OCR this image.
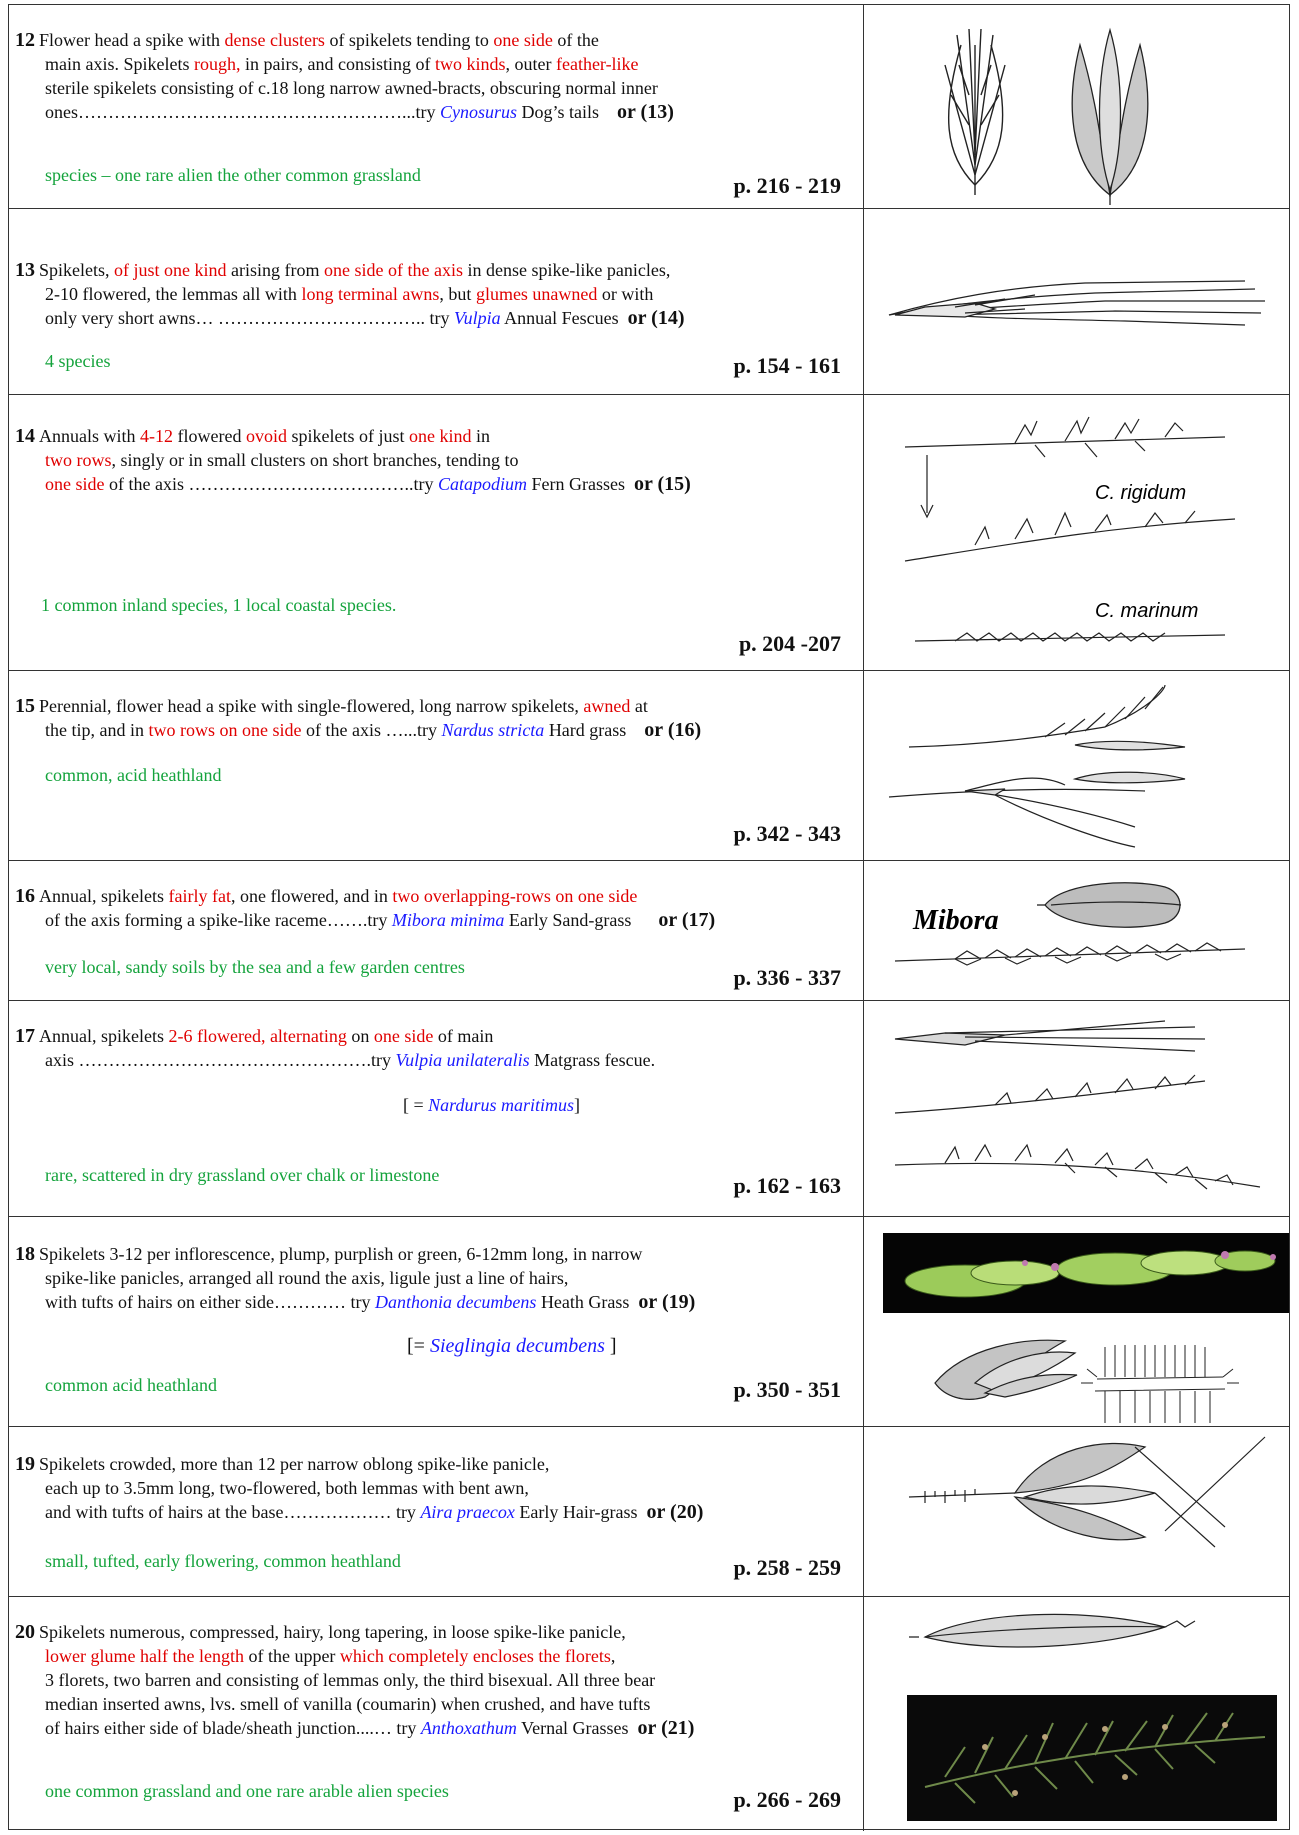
12 Flower head a spike with dense clusters of spikelets tending to one side of the
main axis. Spikelets rough, in pairs, and consisting of two kinds, outer feather-like
sterile spikelets consisting of c.18 long narrow awned-bracts, obscuring normal inner
ones………………………………………………...try Cynosurus Dog’s tails or (13)
species – one rare alien the other common grassland	p. 216 - 219
13 Spikelets, of just one kind arising from one side of the axis in dense spike-like panicles,
2-10 flowered, the lemmas all with long terminal awns, but glumes unawned or with
only very short awns… …………………………….. try Vulpia Annual Fescues or (14)
4 species	p. 154 - 161
14 Annuals with 4-12 flowered ovoid spikelets of just one kind in
two rows, singly or in small clusters on short branches, tending to
one side of the axis ………………………………..try Catapodium Fern Grasses or (15)
1 common inland species, 1 local coastal species.
p. 204 -207
C. rigidum
C. marinum
15 Perennial, flower head a spike with single-flowered, long narrow spikelets, awned at
the tip, and in two rows on one side of the axis …...try Nardus stricta Hard grass or (16)
common, acid heathland
p. 342 - 343
16 Annual, spikelets fairly fat, one flowered, and in two overlapping-rows on one side
of the axis forming a spike-like raceme…….try Mibora minima Early Sand-grass or (17)
very local, sandy soils by the sea and a few garden centres	p. 336 - 337
Mibora
17 Annual, spikelets 2-6 flowered, alternating on one side of main
axis ………………………………………….try Vulpia unilateralis Matgrass fescue.
[ = Nardurus maritimus]
rare, scattered in dry grassland over chalk or limestone	p. 162 - 163
18 Spikelets 3-12 per inflorescence, plump, purplish or green, 6-12mm long, in narrow
spike-like panicles, arranged all round the axis, ligule just a line of hairs,
with tufts of hairs on either side………… try Danthonia decumbens Heath Grass or (19)
[= Sieglingia decumbens ]
common acid heathland	p. 350 - 351
19 Spikelets crowded, more than 12 per narrow oblong spike-like panicle,
each up to 3.5mm long, two-flowered, both lemmas with bent awn,
and with tufts of hairs at the base……………… try Aira praecox Early Hair-grass or (20)
small, tufted, early flowering, common heathland	p. 258 - 259
20 Spikelets numerous, compressed, hairy, long tapering, in loose spike-like panicle,
lower glume half the length of the upper which completely encloses the florets,
3 florets, two barren and consisting of lemmas only, the third bisexual. All three bear
median inserted awns, lvs. smell of vanilla (coumarin) when crushed, and have tufts
of hairs either side of blade/sheath junction....… try Anthoxathum Vernal Grasses or (21)
one common grassland and one rare arable alien species	p. 266 - 269
